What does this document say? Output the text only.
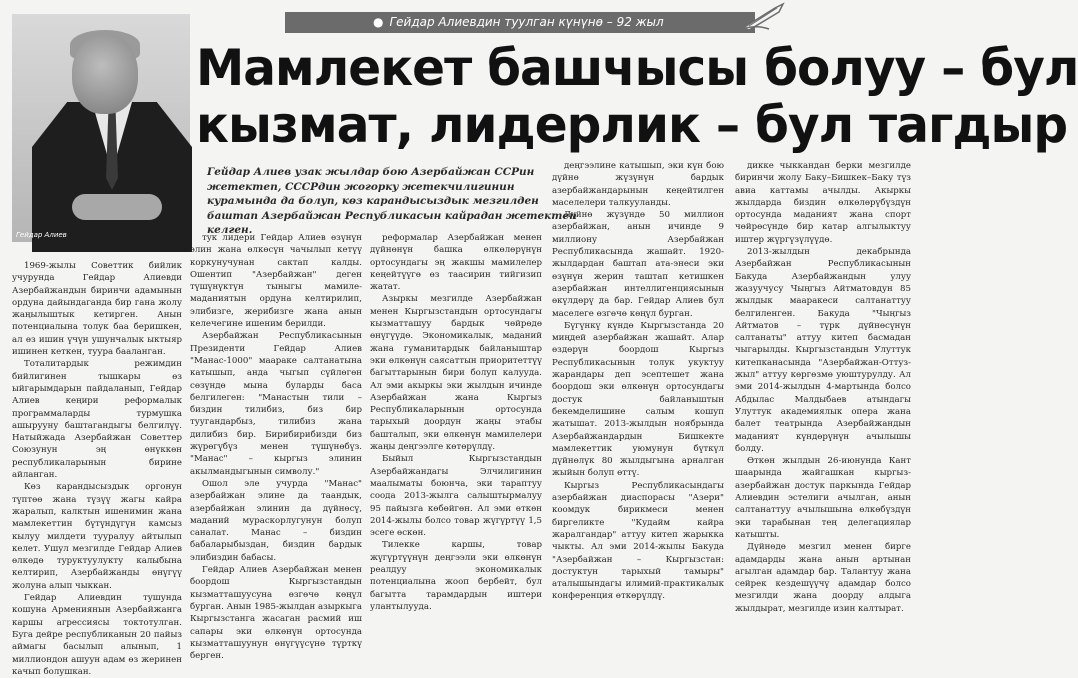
Гейдар Алиев
● Гейдар Алиевдин туулган күнүнө – 92 жыл
Мамлекет башчысы болуу – бул
кызмат, лидерлик – бул тагдыр
Гейдар Алиев узак жылдар бою Азербайжан ССРин жетектеп, СССРдин жогорку жетекчилигинин курамында да болуп, көз карандысыздык мезгилден баштап Азербайжан Республикасын кайрадан жетектеп келген.

1969-жылы Советтик бийлик учурунда Гейдар Алиевди Азербайжандын биринчи адамынын ордуна дайындаганда бир гана жолу жаңылыштык кетирген. Анын потенциалына толук баа беришкен, ал өз ишин үчүн ушунчалык ыктыяр ишинен кеткен, туура бааланган.

Тоталитардык режимдин бийлигинен тышкары өз ыйгарымдарын пайдаланып, Гейдар Алиев кеңири реформалык программаларды турмушка ашырууну баштагандыгы белгилүү. Натыйжада Азербайжан Советтер Союзунун эң өнүккөн республикаларынын бирине айланган.

Көз карандысыздык оргонун түптөө жана түзүү жагы кайра жаралып, калктын ишенимин жана мамлекеттин бүтүндүгүн камсыз кылуу милдети тууралуу айтылып келет. Ушул мезгилде Гейдар Алиев өлкөдө туруктуулукту калыбына келтирип, Азербайжанды өнүгүү жолуна алып чыккан.

Гейдар Алиевдин тушунда кошуна Армениянын Азербайжанга каршы агрессиясы токтотулган. Буга дейре республиканын 20 пайыз аймагы басылып алынып, 1 миллиондон ашуун адам өз жеринен качып болушкан.

тук лидери Гейдар Алиев өзүнүн элин жана өлкөсүн чачылып кетүү коркунучунан сактап калды. Ошентип "Азербайжан" деген түшүнүктүн тыныгы мамиле-маданиятын ордуна келтирилип, элибизге, жерибизге жана анын келечегине ишеним берилди.

Азербайжан Республикасынын Президенти Гейдар Алиев "Манас-1000" маараке салтанатына катышып, анда чыгып сүйлөгөн сөзүндө мына буларды баса белгилеген: "Манастын тили – биздин тилибиз, биз бир туугандарбыз, тилибиз жана дилибиз бир. Бирибирибизди биз жүрөгүбүз менен түшүнөбүз. "Манас" – кыргыз элинин акылмандыгынын символу."

Ошол эле учурда "Манас" азербайжан элине да таандык, азербайжан элинин да дүйнөсү, маданий мураскорлугунун болуп саналат. Манас – биздин бабаларыбыздан, биздин бардык элибиздин бабасы.

Гейдар Алиев Азербайжан менен боордош Кыргызстандын кызматташуусуна өзгөчө көңүл бурган. Анын 1985-жылдан азыркыга Кыргызстанга жасаган расмий иш сапары эки өлкөнүн ортосунда кызматташуунун өнүгүүсүнө түрткү берген.

реформалар Азербайжан менен дүйнөнүн башка өлкөлөрүнүн ортосундагы эң жакшы мамилелер кеңейтүүгө өз таасирин тийгизип жатат.

Азыркы мезгилде Азербайжан менен Кыргызстандын ортосундагы кызматташуу бардык чөйрөдө өнүгүүдө. Экономикалык, маданий жана гуманитардык байланыштар эки өлкөнүн саясаттын приоритеттүү багыттарынын бири болуп калууда. Ал эми акыркы эки жылдын ичинде Азербайжан жана Кыргыз Республикаларынын ортосунда тарыхый доордун жаңы этабы башталып, эки өлкөнүн мамилелери жаңы деңгээлге көтөрүлдү.

Быйыл Кыргызстандын Азербайжандагы Элчилигинин маалыматы боюнча, эки тараптуу соода 2013-жылга салыштырмалуу 95 пайызга көбөйгөн. Ал эми өткөн 2014-жылы болсо товар жүгүртүү 1,5 эсеге өскөн.

Тилекке каршы, товар жүгүртүүнүн деңгээли эки өлкөнүн реалдуу экономикалык потенциалына жооп бербейт, бул багытта тарамдардын иштери улантылууда.

деңгээлине катышып, эки күн бою дүйнө жүзүнүн бардык азербайжандарынын кеңейтилген маселелери талкууланды.

Дүйнө жүзүндө 50 миллион азербайжан, анын ичинде 9 миллиону Азербайжан Республикасында жашайт. 1920-жылдардан баштап ата-энеси эки өзүнүн жерин таштап кетишкен азербайжан интеллигенциясынын өкүлдөрү да бар. Гейдар Алиев бул маселеге өзгөчө көңүл бурган.

Бүгүнкү күндө Кыргызстанда 20 миңдей азербайжан жашайт. Алар өздөрүн боордош Кыргыз Республикасынын толук укуктуу жарандары деп эсептешет жана боордош эки өлкөнүн ортосундагы достук байланыштын бекемделишине салым кошуп жатышат. 2013-жылдын ноябрында Азербайжандардын Бишкекте мамлекеттик уюмунун бүткүл дүйнөлүк 80 жылдыгына арналган жыйын болуп өттү.

Кыргыз Республикасындагы азербайжан диаспорасы "Азери" коомдук бирикмеси менен биргеликте "Кудайм кайра жаралгандар" аттуу китеп жарыкка чыкты. Ал эми 2014-жылы Бакуда "Азербайжан – Кыргызстан: достуктун тарыхый тамыры" аталышындагы илимий-практикалык конференция өткөрүлдү.

дикке чыккандан берки мезгилде биринчи жолу Баку–Бишкек–Баку түз авиа каттамы ачылды. Акыркы жылдарда биздин өлкөлөрүбүздүн ортосунда маданият жана спорт чөйрөсүндө бир катар алгылыктуу иштер жүргүзүлүүдө.

2013-жылдын декабрында Азербайжан Республикасынын Бакуда Азербайжандын улуу жазуучусу Чыңгыз Айтматовдун 85 жылдык мааракеси салтанаттуу белгиленген. Бакуда "Чыңгыз Айтматов – түрк дүйнөсүнүн салтанаты" аттуу китеп басмадан чыгарылды. Кыргызстандын Улуттук китепканасында "Азербайжан-Оттуз-жыл" аттуу көргөзмө уюштурулду. Ал эми 2014-жылдын 4-мартында болсо Абдылас Малдыбаев атындагы Улуттук академиялык опера жана балет театрында Азербайжандын маданият күндөрүнүн ачылышы болду.

Өткөн жылдын 26-июнунда Кант шаарында жайгашкан кыргыз-азербайжан достук паркында Гейдар Алиевдин эстелиги ачылган, анын салтанаттуу ачылышына өлкөбүздүн эки тарабынан тең делегациялар катышты.

Дүйнөдө мезгил менен бирге адамдарды жана анын артынан агылган адамдар бар. Талантуу жана сейрек кездешүүчү адамдар болсо мезгилди жана доорду алдыга жылдырат, мезгилде изин калтырат.
